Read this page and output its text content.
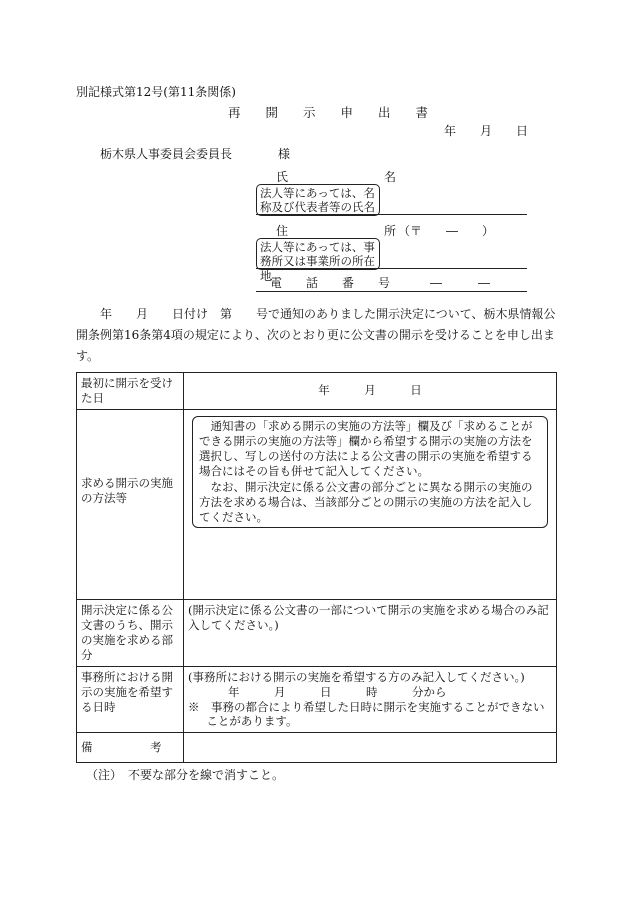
別記様式第12号(第11条関係)
再　　開　　示　　申　　出　　書
年　　月　　日
栃木県人事委員会委員長	様
氏　　　　　　　　名
法人等にあっては、名称及び代表者等の氏名
住　　　　　　　　所 （〒　　―　　）
法人等にあっては、事務所又は事業所の所在地
電　　話　　番　　号	―　　　―
　　年　　月　　日付け　第　　号で通知のありました開示決定について、栃木県情報公開条例第16条第4項の規定により、次のとおり更に公文書の開示を受けることを申し出ます。
最初に開示を受けた日	年　　　月　　　日
求める開示の実施の方法等	通知書の「求める開示の実施の方法等」欄及び「求めることができる開示の実施の方法等」欄から希望する開示の実施の方法を選択し、写しの送付の方法による公文書の開示の実施を希望する場合にはその旨も併せて記入してください。
なお、開示決定に係る公文書の部分ごとに異なる開示の実施の方法を求める場合は、当該部分ごとの開示の実施の方法を記入してください。

開示決定に係る公文書のうち、開示の実施を求める部分	(開示決定に係る公文書の一部について開示の実施を求める場合のみ記入してください。)
事務所における開示の実施を希望する日時	(事務所における開示の実施を希望する方のみ記入してください。)
年　　　月　　　日　　　時　　　分から
※　事務の都合により希望した日時に開示を実施することができないことがあります。

備　　　　　考	
（注）　不要な部分を線で消すこと。
